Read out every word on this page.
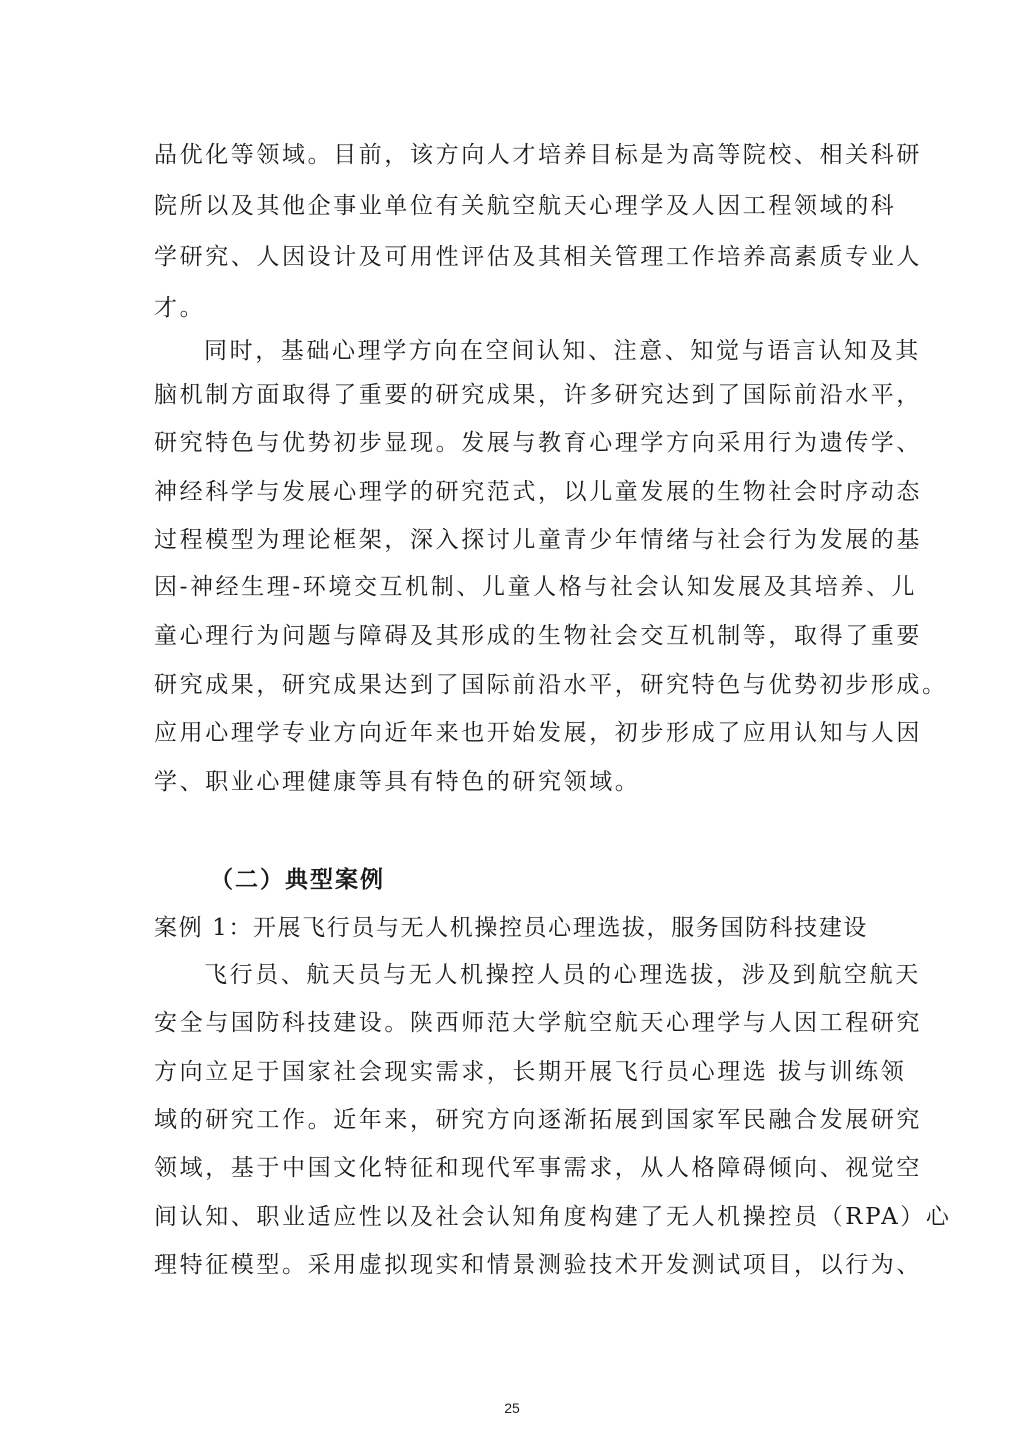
品优化等领域。目前，该方向人才培养目标是为高等院校、相关科研
院所以及其他企事业单位有关航空航天心理学及人因工程领域的科
学研究、人因设计及可用性评估及其相关管理工作培养高素质专业人
才。
同时，基础心理学方向在空间认知、注意、知觉与语言认知及其
脑机制方面取得了重要的研究成果，许多研究达到了国际前沿水平，
研究特色与优势初步显现。发展与教育心理学方向采用行为遗传学、
神经科学与发展心理学的研究范式，以儿童发展的生物社会时序动态
过程模型为理论框架，深入探讨儿童青少年情绪与社会行为发展的基
因-神经生理-环境交互机制、儿童人格与社会认知发展及其培养、儿
童心理行为问题与障碍及其形成的生物社会交互机制等，取得了重要
研究成果，研究成果达到了国际前沿水平，研究特色与优势初步形成。
应用心理学专业方向近年来也开始发展，初步形成了应用认知与人因
学、职业心理健康等具有特色的研究领域。
（二）典型案例
案例 1：开展飞行员与无人机操控员心理选拔，服务国防科技建设
飞行员、航天员与无人机操控人员的心理选拔，涉及到航空航天
安全与国防科技建设。陕西师范大学航空航天心理学与人因工程研究
方向立足于国家社会现实需求，长期开展飞行员心理选 拔与训练领
域的研究工作。近年来，研究方向逐渐拓展到国家军民融合发展研究
领域，基于中国文化特征和现代军事需求，从人格障碍倾向、视觉空
间认知、职业适应性以及社会认知角度构建了无人机操控员（RPA）心
理特征模型。采用虚拟现实和情景测验技术开发测试项目，以行为、
25
